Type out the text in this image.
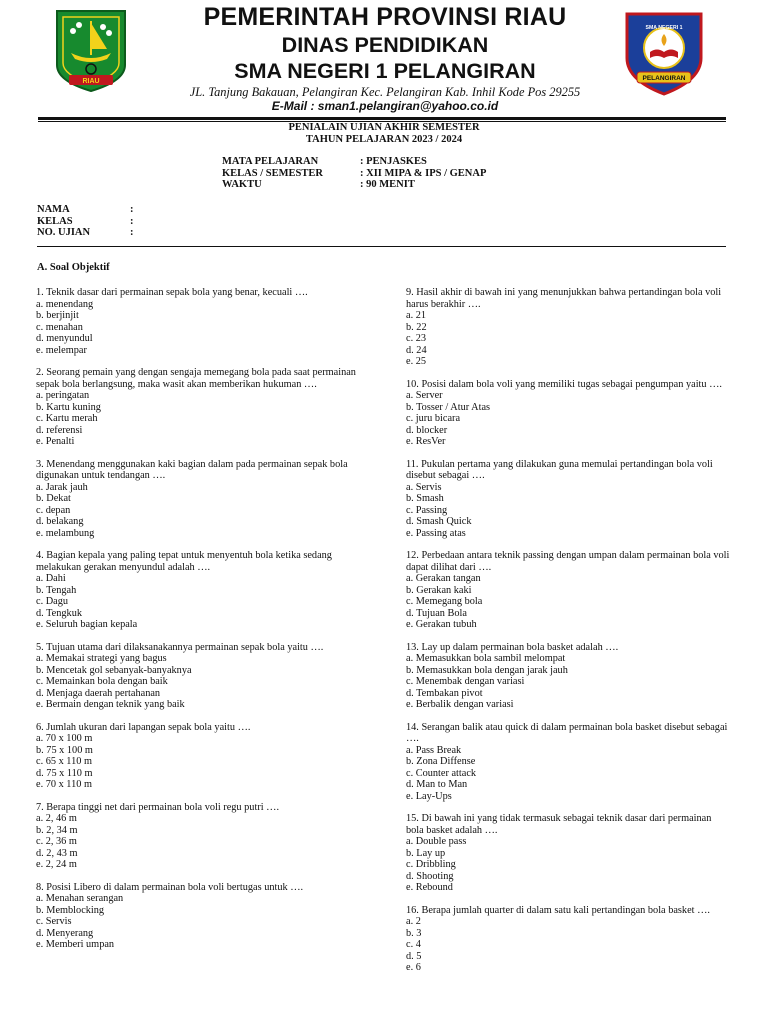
RIAU
PEMERINTAH PROVINSI RIAU
DINAS PENDIDIKAN
SMA NEGERI 1 PELANGIRAN
JL. Tanjung Bakauan, Pelangiran Kec. Pelangiran Kab. Inhil Kode Pos 29255
E-Mail : sman1.pelangiran@yahoo.co.id
SMA NEGERI 1
PELANGIRAN
PENIALAIN UJIAN AKHIR SEMESTER
TAHUN PELAJARAN 2023 / 2024
MATA PELAJARAN	: PENJASKES
KELAS / SEMESTER	: XII MIPA & IPS / GENAP
WAKTU	: 90 MENIT
NAMA	:
KELAS	:
NO. UJIAN	:
A. Soal Objektif

1. Teknik dasar dari permainan sepak bola yang benar, kecuali ….

a. menendang

b. berjinjit

c. menahan

d. menyundul

e. melempar

2. Seorang pemain yang dengan sengaja memegang bola pada saat permainan sepak bola berlangsung, maka wasit akan memberikan hukuman ….

a. peringatan

b. Kartu kuning

c. Kartu merah

d. referensi

e. Penalti

3. Menendang menggunakan kaki bagian dalam pada permainan sepak bola digunakan untuk tendangan ….

a. Jarak jauh

b. Dekat

c. depan

d. belakang

e. melambung

4. Bagian kepala yang paling tepat untuk menyentuh bola ketika sedang melakukan gerakan menyundul adalah ….

a. Dahi

b. Tengah

c. Dagu

d. Tengkuk

e. Seluruh bagian kepala

5. Tujuan utama dari dilaksanakannya permainan sepak bola yaitu ….

a. Memakai strategi yang bagus

b. Mencetak gol sebanyak-banyaknya

c. Memainkan bola dengan baik

d. Menjaga daerah pertahanan

e. Bermain dengan teknik yang baik

6. Jumlah ukuran dari lapangan sepak bola yaitu ….

a. 70 x 100 m

b. 75 x 100 m

c. 65 x 110 m

d. 75 x 110 m

e. 70 x 110 m

7. Berapa tinggi net dari permainan bola voli regu putri ….

a. 2, 46 m

b. 2, 34 m

c. 2, 36 m

d. 2, 43 m

e. 2, 24 m

8. Posisi Libero di dalam permainan bola voli bertugas untuk ….

a. Menahan serangan

b. Memblocking

c. Servis

d. Menyerang

e. Memberi umpan

9. Hasil akhir di bawah ini yang menunjukkan bahwa pertandingan bola voli harus berakhir ….

a. 21

b. 22

c. 23

d. 24

e. 25

10. Posisi dalam bola voli yang memiliki tugas sebagai pengumpan yaitu ….

a. Server

b. Tosser / Atur Atas

c. juru bicara

d. blocker

e. ResVer

11. Pukulan pertama yang dilakukan guna memulai pertandingan bola voli disebut sebagai ….

a. Servis

b. Smash

c. Passing

d. Smash Quick

e. Passing atas

12. Perbedaan antara teknik passing dengan umpan dalam permainan bola voli dapat dilihat dari ….

a. Gerakan tangan

b. Gerakan kaki

c. Memegang bola

d. Tujuan Bola

e. Gerakan tubuh

13. Lay up dalam permainan bola basket adalah ….

a. Memasukkan bola sambil melompat

b. Memasukkan bola dengan jarak jauh

c. Menembak dengan variasi

d. Tembakan pivot

e. Berbalik dengan variasi

14. Serangan balik atau quick di dalam permainan bola basket disebut sebagai ….

a. Pass Break

b. Zona Diffense

c. Counter attack

d. Man to Man

e. Lay-Ups

15. Di bawah ini yang tidak termasuk sebagai teknik dasar dari permainan bola basket adalah ….

a. Double pass

b. Lay up

c. Dribbling

d. Shooting

e. Rebound

16. Berapa jumlah quarter di dalam satu kali pertandingan bola basket ….

a. 2

b. 3

c. 4

d. 5

e. 6
